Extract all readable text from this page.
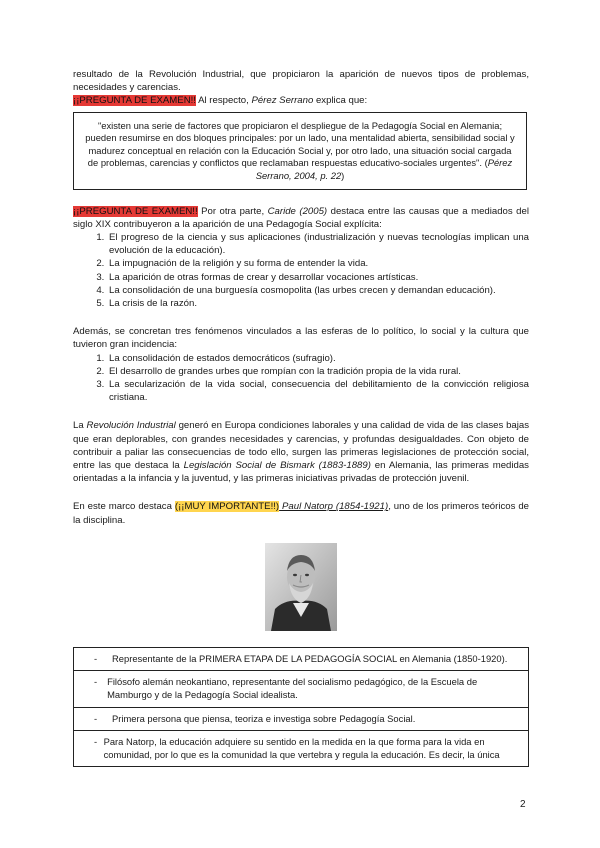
resultado de la Revolución Industrial, que propiciaron la aparición de nuevos tipos de problemas, necesidades y carencias.

¡¡PREGUNTA DE EXAMEN!! Al respecto, Pérez Serrano explica que:

"existen una serie de factores que propiciaron el despliegue de la Pedagogía Social en Alemania; pueden resumirse en dos bloques principales: por un lado, una mentalidad abierta, sensibilidad social y madurez conceptual en relación con la Educación Social y, por otro lado, una situación social cargada de problemas, carencias y conflictos que reclamaban respuestas educativo-sociales urgentes". (Pérez Serrano, 2004, p. 22)

¡¡PREGUNTA DE EXAMEN!! Por otra parte, Caride (2005) destaca entre las causas que a mediados del siglo XIX contribuyeron a la aparición de una Pedagogía Social explícita:

1. El progreso de la ciencia y sus aplicaciones (industrialización y nuevas tecnologías implican una evolución de la educación).
2. La impugnación de la religión y su forma de entender la vida.
3. La aparición de otras formas de crear y desarrollar vocaciones artísticas.
4. La consolidación de una burguesía cosmopolita (las urbes crecen y demandan educación).
5. La crisis de la razón.

Además, se concretan tres fenómenos vinculados a las esferas de lo político, lo social y la cultura que tuvieron gran incidencia:

1. La consolidación de estados democráticos (sufragio).
2. El desarrollo de grandes urbes que rompían con la tradición propia de la vida rural.
3. La secularización de la vida social, consecuencia del debilitamiento de la convicción religiosa cristiana.

La Revolución Industrial generó en Europa condiciones laborales y una calidad de vida de las clases bajas que eran deplorables, con grandes necesidades y carencias, y profundas desigualdades. Con objeto de contribuir a paliar las consecuencias de todo ello, surgen las primeras legislaciones de protección social, entre las que destaca la Legislación Social de Bismark (1883-1889) en Alemania, las primeras medidas orientadas a la infancia y la juventud, y las primeras iniciativas privadas de protección juvenil.

En este marco destaca (¡¡MUY IMPORTANTE!!) Paul Natorp (1854-1921), uno de los primeros teóricos de la disciplina.

-	Representante de la PRIMERA ETAPA DE LA PEDAGOGÍA SOCIAL en Alemania (1850-1920).

-	Filósofo alemán neokantiano, representante del socialismo pedagógico, de la Escuela de Mamburgo y de la Pedagogía Social idealista.

-	Primera persona que piensa, teoriza e investiga sobre Pedagogía Social.

- Para Natorp, la educación adquiere su sentido en la medida en la que forma para la vida en comunidad, por lo que es la comunidad la que vertebra y regula la educación. Es decir, la única
2
